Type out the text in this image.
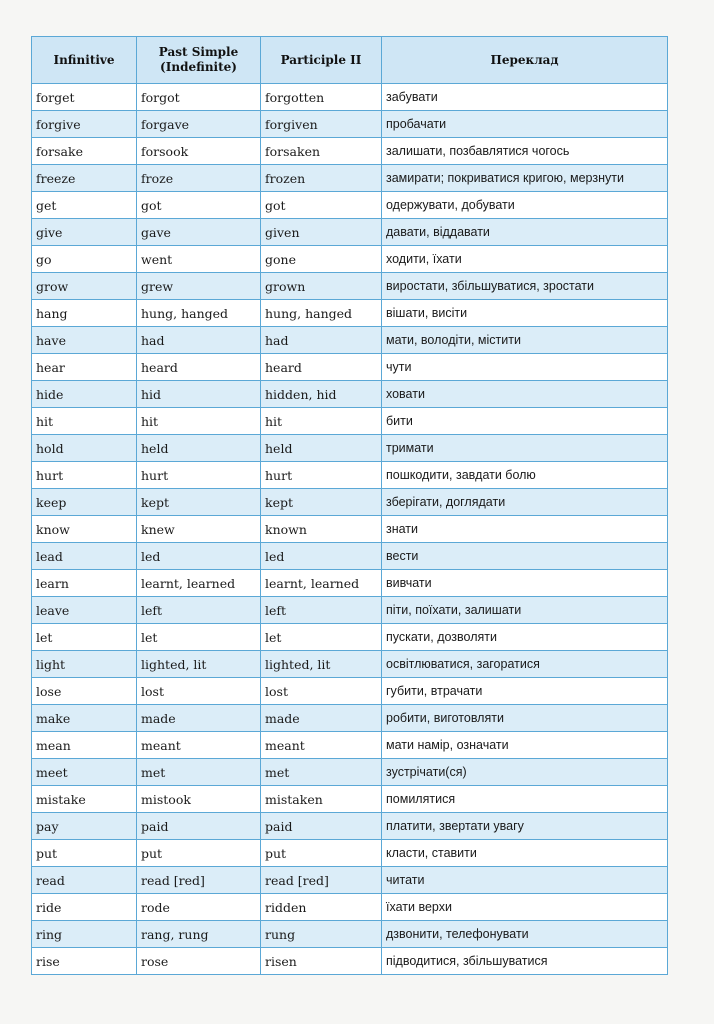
Infinitive	Past Simple (Indefinite)	Participle II	Переклад
forget	forgot	forgotten	забувати
forgive	forgave	forgiven	пробачати
forsake	forsook	forsaken	залишати, позбавлятися чогось
freeze	froze	frozen	замирати; покриватися кригою, мерзнути
get	got	got	одержувати, добувати
give	gave	given	давати, віддавати
go	went	gone	ходити, їхати
grow	grew	grown	виростати, збільшуватися, зростати
hang	hung, hanged	hung, hanged	вішати, висіти
have	had	had	мати, володіти, містити
hear	heard	heard	чути
hide	hid	hidden, hid	ховати
hit	hit	hit	бити
hold	held	held	тримати
hurt	hurt	hurt	пошкодити, завдати болю
keep	kept	kept	зберігати, доглядати
know	knew	known	знати
lead	led	led	вести
learn	learnt, learned	learnt, learned	вивчати
leave	left	left	піти, поїхати, залишати
let	let	let	пускати, дозволяти
light	lighted, lit	lighted, lit	освітлюватися, загоратися
lose	lost	lost	губити, втрачати
make	made	made	робити, виготовляти
mean	meant	meant	мати намір, означати
meet	met	met	зустрічати(ся)
mistake	mistook	mistaken	помилятися
pay	paid	paid	платити, звертати увагу
put	put	put	класти, ставити
read	read [red]	read [red]	читати
ride	rode	ridden	їхати верхи
ring	rang, rung	rung	дзвонити, телефонувати
rise	rose	risen	підводитися, збільшуватися
